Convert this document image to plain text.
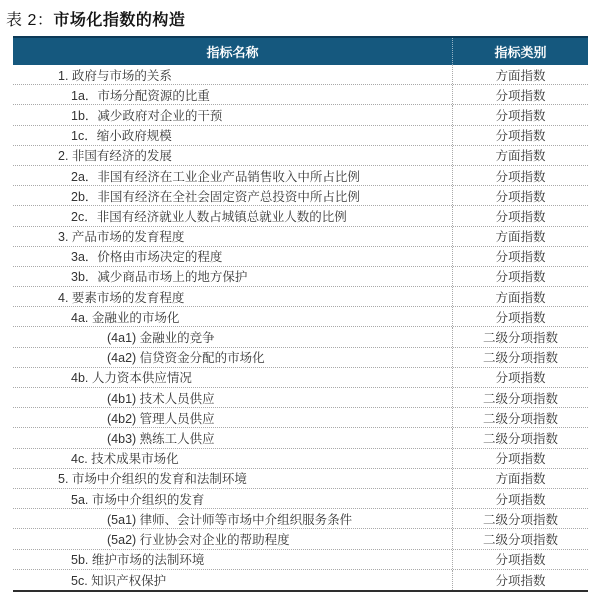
表 2：市场化指数的构造
指标名称	指标类别
1. 政府与市场的关系	方面指数
1a．市场分配资源的比重	分项指数
1b．减少政府对企业的干预	分项指数
1c．缩小政府规模	分项指数
2. 非国有经济的发展	方面指数
2a．非国有经济在工业企业产品销售收入中所占比例	分项指数
2b．非国有经济在全社会固定资产总投资中所占比例	分项指数
2c．非国有经济就业人数占城镇总就业人数的比例	分项指数
3. 产品市场的发育程度	方面指数
3a．价格由市场决定的程度	分项指数
3b．减少商品市场上的地方保护	分项指数
4. 要素市场的发育程度	方面指数
4a. 金融业的市场化	分项指数
(4a1) 金融业的竞争	二级分项指数
(4a2) 信贷资金分配的市场化	二级分项指数
4b. 人力资本供应情况	分项指数
(4b1) 技术人员供应	二级分项指数
(4b2) 管理人员供应	二级分项指数
(4b3) 熟练工人供应	二级分项指数
4c. 技术成果市场化	分项指数
5. 市场中介组织的发育和法制环境	方面指数
5a. 市场中介组织的发育	分项指数
(5a1) 律师、会计师等市场中介组织服务条件	二级分项指数
(5a2) 行业协会对企业的帮助程度	二级分项指数
5b. 维护市场的法制环境	分项指数
5c. 知识产权保护	分项指数
